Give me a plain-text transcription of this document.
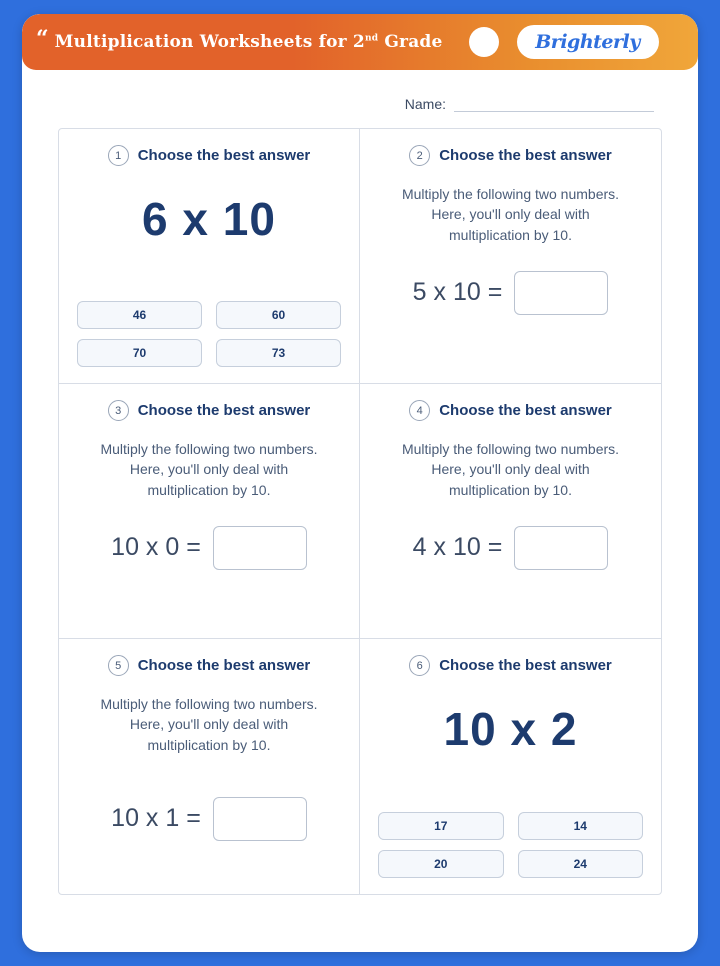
“ Multiplication Worksheets for 2nd Grade	Brighterly
Name:
1	Choose the best answer
6 x 10
46	60
70	73
2	Choose the best answer
Multiply the following two numbers. Here, you'll only deal with multiplication by 10.
5 x 10 =
3	Choose the best answer
Multiply the following two numbers. Here, you'll only deal with multiplication by 10.
10 x 0 =
4	Choose the best answer
Multiply the following two numbers. Here, you'll only deal with multiplication by 10.
4 x 10 =
5	Choose the best answer
Multiply the following two numbers. Here, you'll only deal with multiplication by 10.
10 x 1 =
6	Choose the best answer
10 x 2
17	14
20	24
